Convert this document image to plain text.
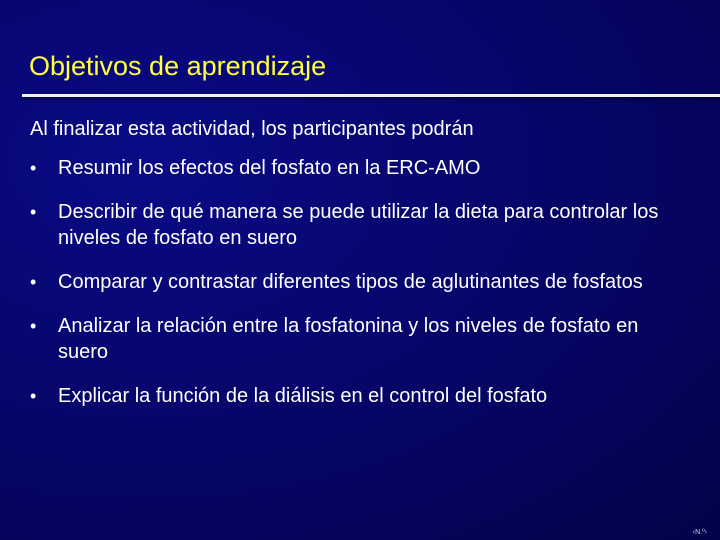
Objetivos de aprendizaje
Al finalizar esta actividad, los participantes podrán
• Resumir los efectos del fosfato en la ERC-AMO
• Describir de qué manera se puede utilizar la dieta para controlar los niveles de fosfato en suero
• Comparar y contrastar diferentes tipos de aglutinantes de fosfatos
• Analizar la relación entre la fosfatonina y los niveles de fosfato en suero
• Explicar la función de la diálisis en el control del fosfato
‹N.º›
